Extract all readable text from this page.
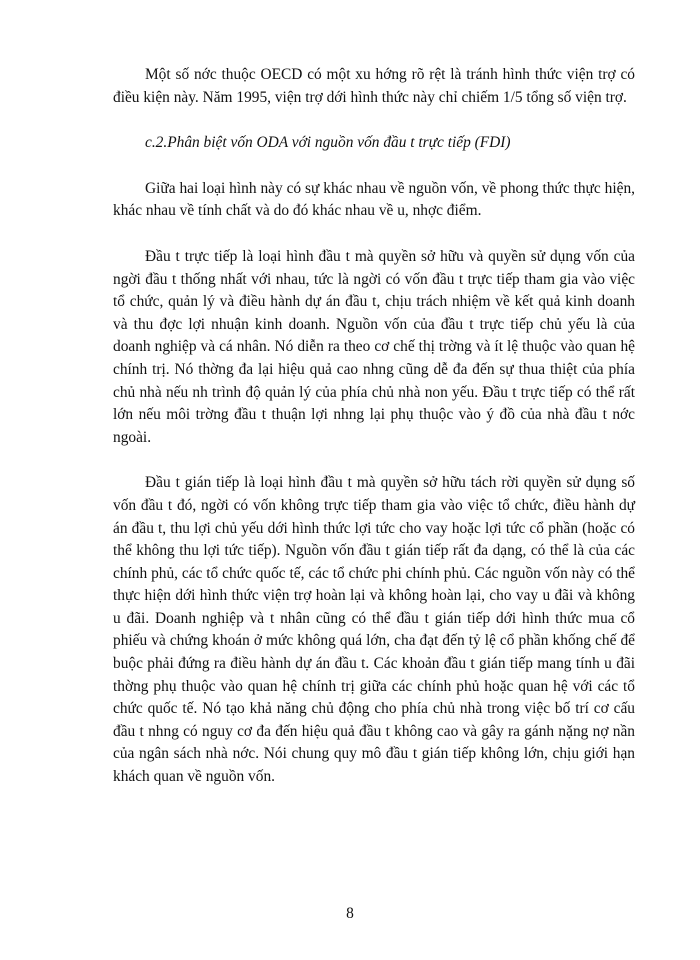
Một số nớc thuộc OECD có một xu hớng rõ rệt là tránh hình thức viện trợ có điều kiện này. Năm 1995, viện trợ dới hình thức này chỉ chiếm 1/5 tổng số viện trợ.

c.2.Phân biệt vốn ODA với nguồn vốn đầu t trực tiếp (FDI)

Giữa hai loại hình này có sự khác nhau về nguồn vốn, về phong thức thực hiện, khác nhau về tính chất và do đó khác nhau về u, nhợc điểm.

Đầu t trực tiếp là loại hình đầu t mà quyền sở hữu và quyền sử dụng vốn của ngời đầu t thống nhất với nhau, tức là ngời có vốn đầu t trực tiếp tham gia vào việc tổ chức, quản lý và điều hành dự án đầu t, chịu trách nhiệm về kết quả kinh doanh và thu đợc lợi nhuận kinh doanh. Nguồn vốn của đầu t trực tiếp chủ yếu là của doanh nghiệp và cá nhân. Nó diễn ra theo cơ chế thị trờng và ít lệ thuộc vào quan hệ chính trị. Nó thờng đa lại hiệu quả cao nhng cũng dễ đa đến sự thua thiệt của phía chủ nhà nếu nh trình độ quản lý của phía chủ nhà non yếu. Đầu t trực tiếp có thể rất lớn nếu môi trờng đầu t thuận lợi nhng lại phụ thuộc vào ý đồ của nhà đầu t nớc ngoài.

Đầu t gián tiếp là loại hình đầu t mà quyền sở hữu tách rời quyền sử dụng số vốn đầu t đó, ngời có vốn không trực tiếp tham gia vào việc tổ chức, điều hành dự án đầu t, thu lợi chủ yếu dới hình thức lợi tức cho vay hoặc lợi tức cổ phần (hoặc có thể không thu lợi tức tiếp). Nguồn vốn đầu t gián tiếp rất đa dạng, có thể là của các chính phủ, các tổ chức quốc tế, các tổ chức phi chính phủ. Các nguồn vốn này có thể thực hiện dới hình thức viện trợ hoàn lại và không hoàn lại, cho vay u đãi và không u đãi. Doanh nghiệp và t nhân cũng có thể đầu t gián tiếp dới hình thức mua cổ phiếu và chứng khoán ở mức không quá lớn, cha đạt đến tỷ lệ cổ phần khống chế để buộc phải đứng ra điều hành dự án đầu t. Các khoản đầu t gián tiếp mang tính u đãi thờng phụ thuộc vào quan hệ chính trị giữa các chính phủ hoặc quan hệ với các tổ chức quốc tế. Nó tạo khả năng chủ động cho phía chủ nhà trong việc bố trí cơ cấu đầu t nhng có nguy cơ đa đến hiệu quả đầu t không cao và gây ra gánh nặng nợ nần của ngân sách nhà nớc. Nói chung quy mô đầu t gián tiếp không lớn, chịu giới hạn khách quan về nguồn vốn.

8
